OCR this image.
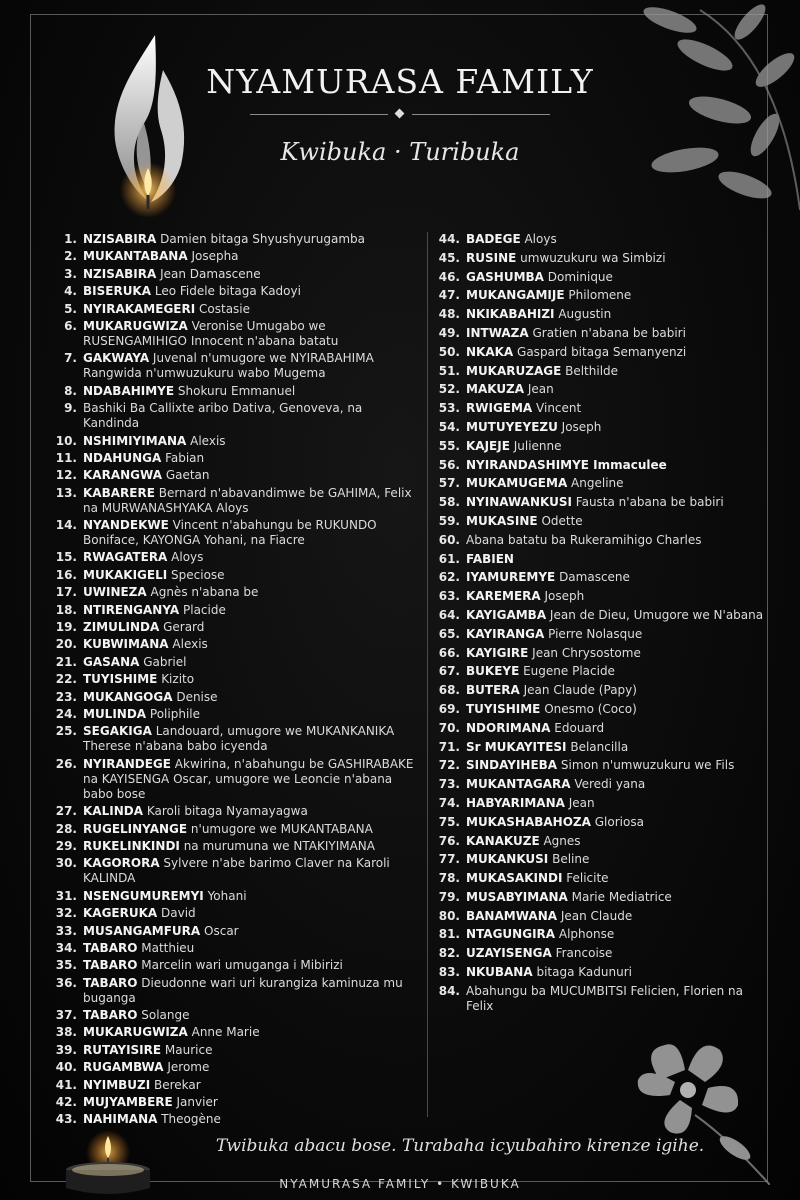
NYAMURASA FAMILY
Kwibuka · Turibuka
1. NZISABIRA Damien bitaga Shyushyurugamba
2. MUKANTABANA Josepha
3. NZISABIRA Jean Damascene
4. BISERUKA Leo Fidele bitaga Kadoyi
5. NYIRAKAMEGERI Costasie
6. MUKARUGWIZA Veronise Umugabo we RUSENGAMIHIGO Innocent n'abana batatu
7. GAKWAYA Juvenal n'umugore we NYIRABAHIMA Rangwida n'umwuzukuru wabo Mugema
8. NDABAHIMYE Shokuru Emmanuel
9. Bashiki Ba Callixte aribo Dativa, Genoveva, na Kandinda
10. NSHIMIYIMANA Alexis
11. NDAHUNGA Fabian
12. KARANGWA Gaetan
13. KABARERE Bernard n'abavandimwe be GAHIMA, Felix na MURWANASHYAKA Aloys
14. NYANDEKWE Vincent n'abahungu be RUKUNDO Boniface, KAYONGA Yohani, na Fiacre
15. RWAGATERA Aloys
16. MUKAKIGELI Speciose
17. UWINEZA Agnès n'abana be
18. NTIRENGANYA Placide
19. ZIMULINDA Gerard
20. KUBWIMANA Alexis
21. GASANA Gabriel
22. TUYISHIME Kizito
23. MUKANGOGA Denise
24. MULINDA Poliphile
25. SEGAKIGA Landouard, umugore we MUKANKANIKA Therese n'abana babo icyenda
26. NYIRANDEGE Akwirina, n'abahungu be GASHIRABAKE na KAYISENGA Oscar, umugore we Leoncie n'abana babo bose
27. KALINDA Karoli bitaga Nyamayagwa
28. RUGELINYANGE n'umugore we MUKANTABANA
29. RUKELINKINDI na murumuna we NTAKIYIMANA
30. KAGORORA Sylvere n'abe barimo Claver na Karoli KALINDA
31. NSENGUMUREMYI Yohani
32. KAGERUKA David
33. MUSANGAMFURA Oscar
34. TABARO Matthieu
35. TABARO Marcelin wari umuganga i Mibirizi
36. TABARO Dieudonne wari uri kurangiza kaminuza mu buganga
37. TABARO Solange
38. MUKARUGWIZA Anne Marie
39. RUTAYISIRE Maurice
40. RUGAMBWA Jerome
41. NYIMBUZI Berekar
42. MUJYAMBERE Janvier
43. NAHIMANA Theogène
44. BADEGE Aloys
45. RUSINE umwuzukuru wa Simbizi
46. GASHUMBA Dominique
47. MUKANGAMIJE Philomene
48. NKIKABAHIZI Augustin
49. INTWAZA Gratien n'abana be babiri
50. NKAKA Gaspard bitaga Semanyenzi
51. MUKARUZAGE Belthilde
52. MAKUZA Jean
53. RWIGEMA Vincent
54. MUTUYEYEZU Joseph
55. KAJEJE Julienne
56. NYIRANDASHIMYE Immaculee
57. MUKAMUGEMA Angeline
58. NYINAWANKUSI Fausta n'abana be babiri
59. MUKASINE Odette
60. Abana batatu ba Rukeramihigo Charles
61. FABIEN
62. IYAMUREMYE Damascene
63. KAREMERA Joseph
64. KAYIGAMBA Jean de Dieu, Umugore we N'abana
65. KAYIRANGA Pierre Nolasque
66. KAYIGIRE Jean Chrysostome
67. BUKEYE Eugene Placide
68. BUTERA Jean Claude (Papy)
69. TUYISHIME Onesmo (Coco)
70. NDORIMANA Edouard
71. Sr MUKAYITESI Belancilla
72. SINDAYIHEBA Simon n'umwuzukuru we Fils
73. MUKANTAGARA Veredi yana
74. HABYARIMANA Jean
75. MUKASHABAHOZA Gloriosa
76. KANAKUZE Agnes
77. MUKANKUSI Beline
78. MUKASAKINDI Felicite
79. MUSABYIMANA Marie Mediatrice
80. BANAMWANA Jean Claude
81. NTAGUNGIRA Alphonse
82. UZAYISENGA Francoise
83. NKUBANA bitaga Kadunuri
84. Abahungu ba MUCUMBITSI Felicien, Florien na Felix
Twibuka abacu bose. Turabaha icyubahiro kirenze igihe.
NYAMURASA FAMILY • KWIBUKA
